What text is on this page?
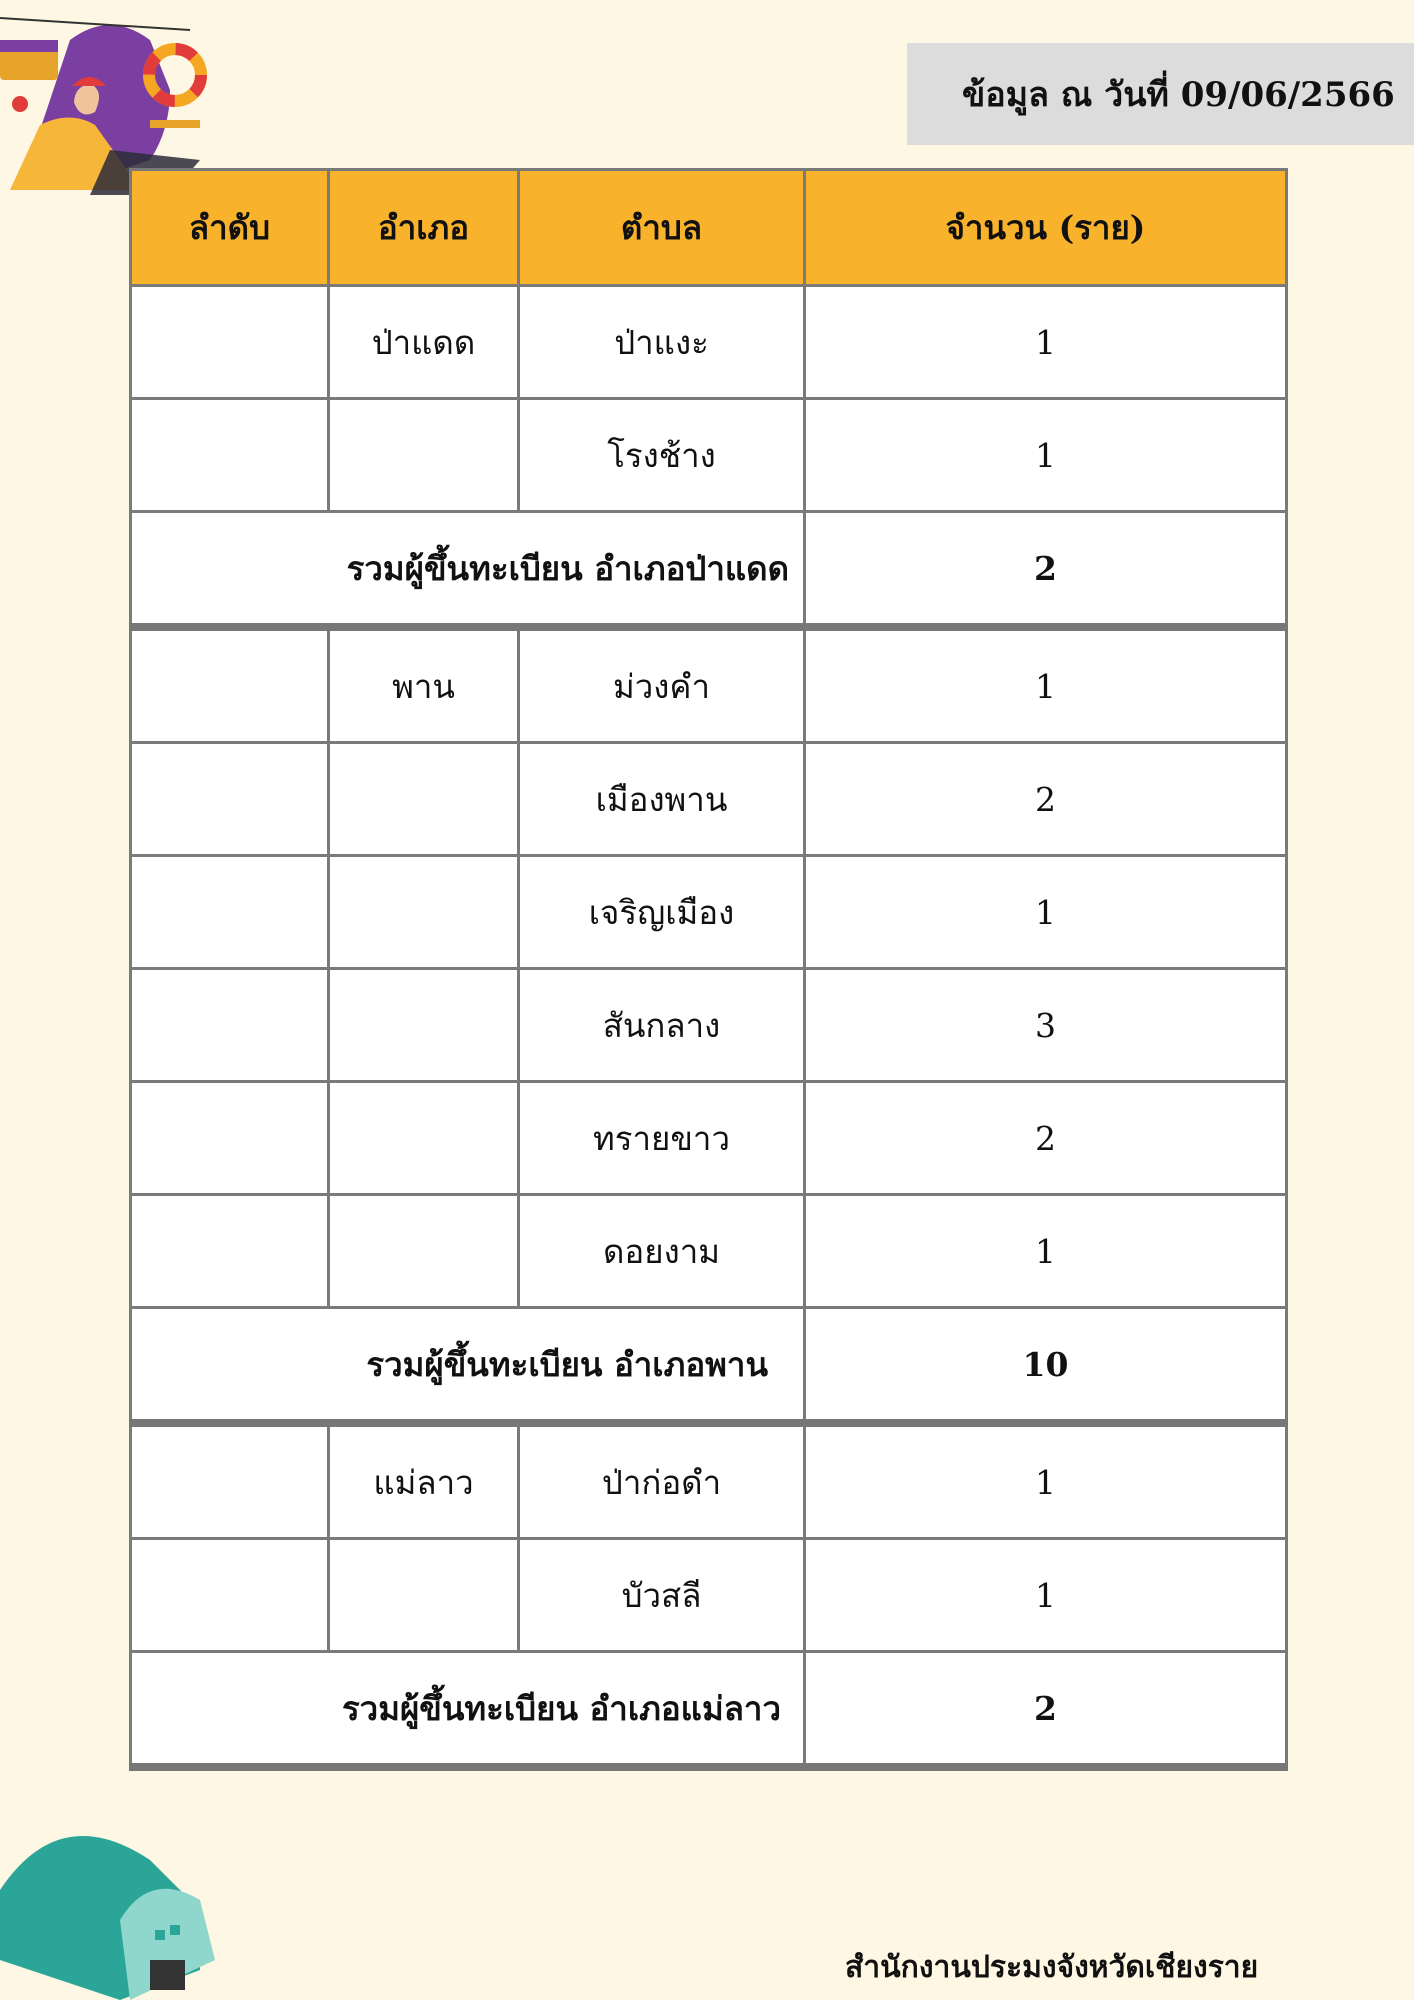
ข้อมูล ณ วันที่ 09/06/2566
ลำดับ	อำเภอ	ตำบล	จำนวน (ราย)
	ป่าแดด	ป่าแงะ	1
		โรงช้าง	1
รวมผู้ขึ้นทะเบียน อำเภอป่าแดด			2
	พาน	ม่วงคำ	1
		เมืองพาน	2
		เจริญเมือง	1
		สันกลาง	3
		ทรายขาว	2
		ดอยงาม	1
รวมผู้ขึ้นทะเบียน อำเภอพาน			10
	แม่ลาว	ป่าก่อดำ	1
		บัวสลี	1
รวมผู้ขึ้นทะเบียน อำเภอแม่ลาว			2
สำนักงานประมงจังหวัดเชียงราย
